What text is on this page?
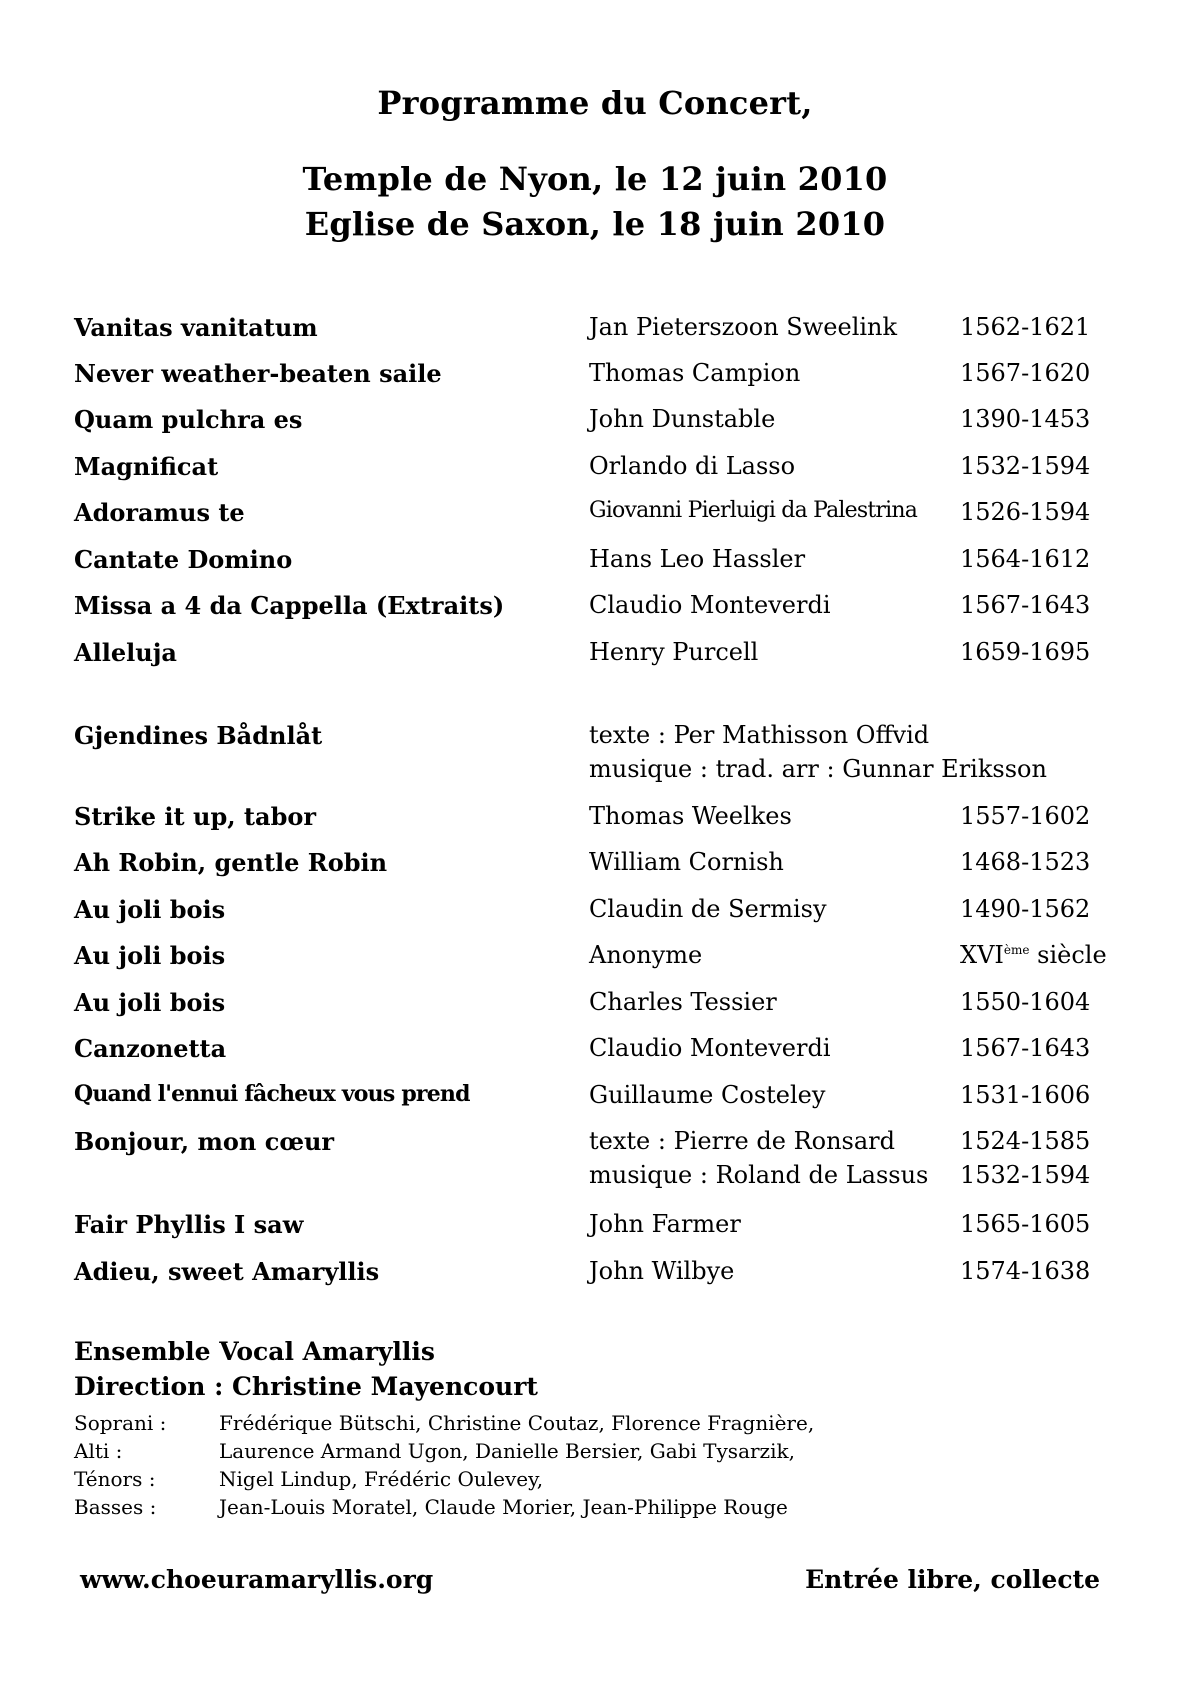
Programme du Concert,
Temple de Nyon, le 12 juin 2010
Eglise de Saxon, le 18 juin 2010
Vanitas vanitatum	Jan Pieterszoon Sweelink	1562-1621
Never weather-beaten saile	Thomas Campion	1567-1620
Quam pulchra es	John Dunstable	1390-1453
Magnificat	Orlando di Lasso	1532-1594
Adoramus te	Giovanni Pierluigi da Palestrina 1526-1594
Cantate Domino	Hans Leo Hassler	1564-1612
Missa a 4 da Cappella (Extraits)	Claudio Monteverdi	1567-1643
Alleluja	Henry Purcell	1659-1695
Gjendines Bådnlåt	texte : Per Mathisson Offvid
musique : trad. arr : Gunnar Eriksson
Strike it up, tabor	Thomas Weelkes	1557-1602
Ah Robin, gentle Robin	William Cornish	1468-1523
Au joli bois	Claudin de Sermisy	1490-1562
Au joli bois	Anonyme	XVIème siècle
Au joli bois	Charles Tessier	1550-1604
Canzonetta	Claudio Monteverdi	1567-1643
Quand l'ennui fâcheux vous prend	Guillaume Costeley	1531-1606
Bonjour, mon cœur	texte : Pierre de Ronsard	1524-1585
musique : Roland de Lassus 1532-1594
Fair Phyllis I saw	John Farmer	1565-1605
Adieu, sweet Amaryllis	John Wilbye	1574-1638
Ensemble Vocal Amaryllis
Direction : Christine Mayencourt
Soprani :	Frédérique Bütschi, Christine Coutaz, Florence Fragnière,
Alti :	Laurence Armand Ugon, Danielle Bersier, Gabi Tysarzik,
Ténors :	Nigel Lindup, Frédéric Oulevey,
Basses :	Jean-Louis Moratel, Claude Morier, Jean-Philippe Rouge
www.choeuramaryllis.org	Entrée libre, collecte
